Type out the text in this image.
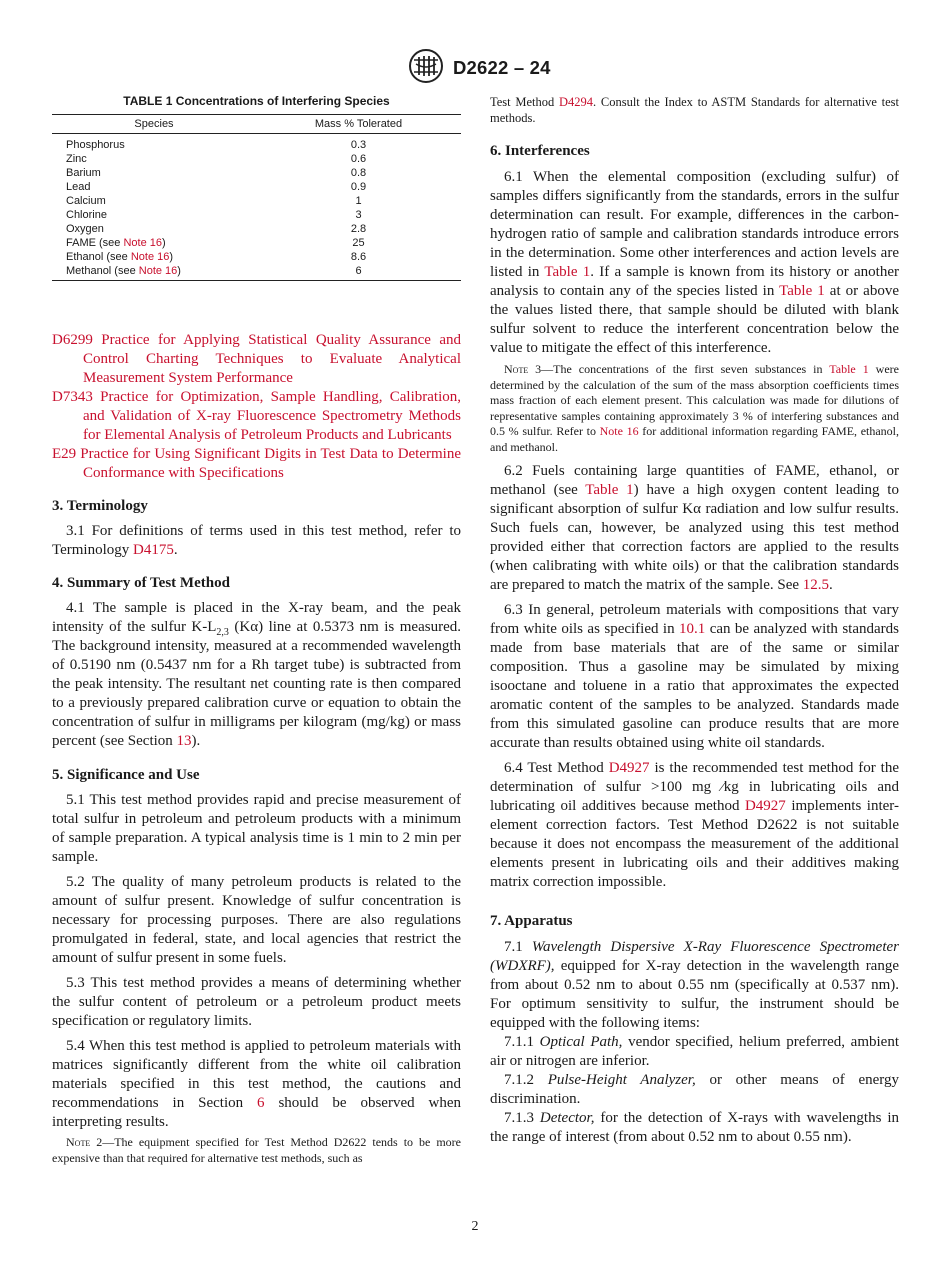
D2622 – 24
TABLE 1 Concentrations of Interfering Species
Species	Mass % Tolerated
Phosphorus	0.3
Zinc	0.6
Barium	0.8
Lead	0.9
Calcium	1
Chlorine	3
Oxygen	2.8
FAME (see Note 16)	25
Ethanol (see Note 16)	8.6
Methanol (see Note 16)	6

D6299 Practice for Applying Statistical Quality Assurance and Control Charting Techniques to Evaluate Analytical Measurement System Performance

D7343 Practice for Optimization, Sample Handling, Calibration, and Validation of X-ray Fluorescence Spectrometry Methods for Elemental Analysis of Petroleum Products and Lubricants

E29 Practice for Using Significant Digits in Test Data to Determine Conformance with Specifications

3. Terminology

3.1 For definitions of terms used in this test method, refer to Terminology D4175.

4. Summary of Test Method

4.1 The sample is placed in the X-ray beam, and the peak intensity of the sulfur $K-L_{2,3}$ (Kα) line at 0.5373 nm is measured. The background intensity, measured at a recommended wavelength of 0.5190 nm (0.5437 nm for a Rh target tube) is subtracted from the peak intensity. The resultant net counting rate is then compared to a previously prepared calibration curve or equation to obtain the concentration of sulfur in milligrams per kilogram (mg/kg) or mass percent (see Section 13).

5. Significance and Use

5.1 This test method provides rapid and precise measurement of total sulfur in petroleum and petroleum products with a minimum of sample preparation. A typical analysis time is 1 min to 2 min per sample.

5.2 The quality of many petroleum products is related to the amount of sulfur present. Knowledge of sulfur concentration is necessary for processing purposes. There are also regulations promulgated in federal, state, and local agencies that restrict the amount of sulfur present in some fuels.

5.3 This test method provides a means of determining whether the sulfur content of petroleum or a petroleum product meets specification or regulatory limits.

5.4 When this test method is applied to petroleum materials with matrices significantly different from the white oil calibration materials specified in this test method, the cautions and recommendations in Section 6 should be observed when interpreting results.

Note 2—The equipment specified for Test Method D2622 tends to be more expensive than that required for alternative test methods, such as

Test Method D4294. Consult the Index to ASTM Standards for alternative test methods.

6. Interferences

6.1 When the elemental composition (excluding sulfur) of samples differs significantly from the standards, errors in the sulfur determination can result. For example, differences in the carbon-hydrogen ratio of sample and calibration standards introduce errors in the determination. Some other interferences and action levels are listed in Table 1. If a sample is known from its history or another analysis to contain any of the species listed in Table 1 at or above the values listed there, that sample should be diluted with blank sulfur solvent to reduce the interferent concentration below the value to mitigate the effect of this interference.

Note 3—The concentrations of the first seven substances in Table 1 were determined by the calculation of the sum of the mass absorption coefficients times mass fraction of each element present. This calculation was made for dilutions of representative samples containing approximately 3 % of interfering substances and 0.5 % sulfur. Refer to Note 16 for additional information regarding FAME, ethanol, and methanol.

6.2 Fuels containing large quantities of FAME, ethanol, or methanol (see Table 1) have a high oxygen content leading to significant absorption of sulfur Kα radiation and low sulfur results. Such fuels can, however, be analyzed using this test method provided either that correction factors are applied to the results (when calibrating with white oils) or that the calibration standards are prepared to match the matrix of the sample. See 12.5.

6.3 In general, petroleum materials with compositions that vary from white oils as specified in 10.1 can be analyzed with standards made from base materials that are of the same or similar composition. Thus a gasoline may be simulated by mixing isooctane and toluene in a ratio that approximates the expected aromatic content of the samples to be analyzed. Standards made from this simulated gasoline can produce results that are more accurate than results obtained using white oil standards.

6.4 Test Method D4927 is the recommended test method for the determination of sulfur >100 mg ⁄kg in lubricating oils and lubricating oil additives because method D4927 implements inter-element correction factors. Test Method D2622 is not suitable because it does not encompass the measurement of the additional elements present in lubricating oils and their additives making matrix correction impossible.

7. Apparatus

7.1 Wavelength Dispersive X-Ray Fluorescence Spectrometer (WDXRF), equipped for X-ray detection in the wavelength range from about 0.52 nm to about 0.55 nm (specifically at 0.537 nm). For optimum sensitivity to sulfur, the instrument should be equipped with the following items:

7.1.1 Optical Path, vendor specified, helium preferred, ambient air or nitrogen are inferior.

7.1.2 Pulse-Height Analyzer, or other means of energy discrimination.

7.1.3 Detector, for the detection of X-rays with wavelengths in the range of interest (from about 0.52 nm to about 0.55 nm).

2
